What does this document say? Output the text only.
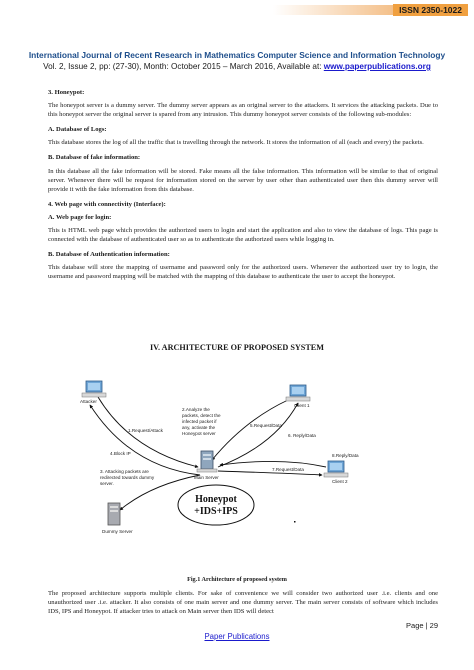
ISSN 2350-1022
International Journal of Recent Research in Mathematics Computer Science and Information Technology
Vol. 2, Issue 2, pp: (27-30), Month: October 2015 – March 2016, Available at: www.paperpublications.org
3. Honeypot:
The honeypot server is a dummy server. The dummy server appears as an original server to the attackers. It services the attacking packets. Due to this honeypot server the original server is spared from any intrusion. This dummy honeypot server consists of the following sub-modules:
A. Database of Logs:
This database stores the log of all the traffic that is travelling through the network. It stores the information of all (each and every) the packets.
B. Database of fake information:
In this database all the fake information will be stored. Fake means all the false information. This information will be similar to that of original server. Whenever there will be request for information stored on the server by user other than authenticated user then this dummy server will provide it with the fake information from this database.
4. Web page with connectivity (Interface):
A. Web page for login:
This is HTML web page which provides the authorized users to login and start the application and also to view the database of logs. This page is connected with the database of authenticated user so as to authenticate the authorized users while logging in.
B. Database of Authentication information:
This database will store the mapping of username and password only for the authorized users. Whenever the authorized user try to login, the username and password mapping will be matched with the mapping of this database to authenticate the user to accept the honeypot.
IV. ARCHITECTURE OF PROPOSED SYSTEM
Attacker
Client 1
Client 2
Main Server
Dummy Server
Honeypot
+IDS+IPS
1.Request/Attack
4.Block IP
2.Analyze the
packets, detect the
infected packet if
any, activate the
Honeypot server
3. Attacking packets are
redirected towards dummy
server.
5.Request/Data
6. Reply/Data
7.Request/Data
8.Reply/Data
Fig.1 Architecture of proposed system
The proposed architecture supports multiple clients. For sake of convenience we will consider two authorized user .i.e. clients and one unauthorized user .i.e. attacker. It also consists of one main server and one dummy server. The main server consists of software which includes IDS, IPS and Honeypot. If attacker tries to attack on Main server then IDS will detect
Page | 29
Paper Publications
